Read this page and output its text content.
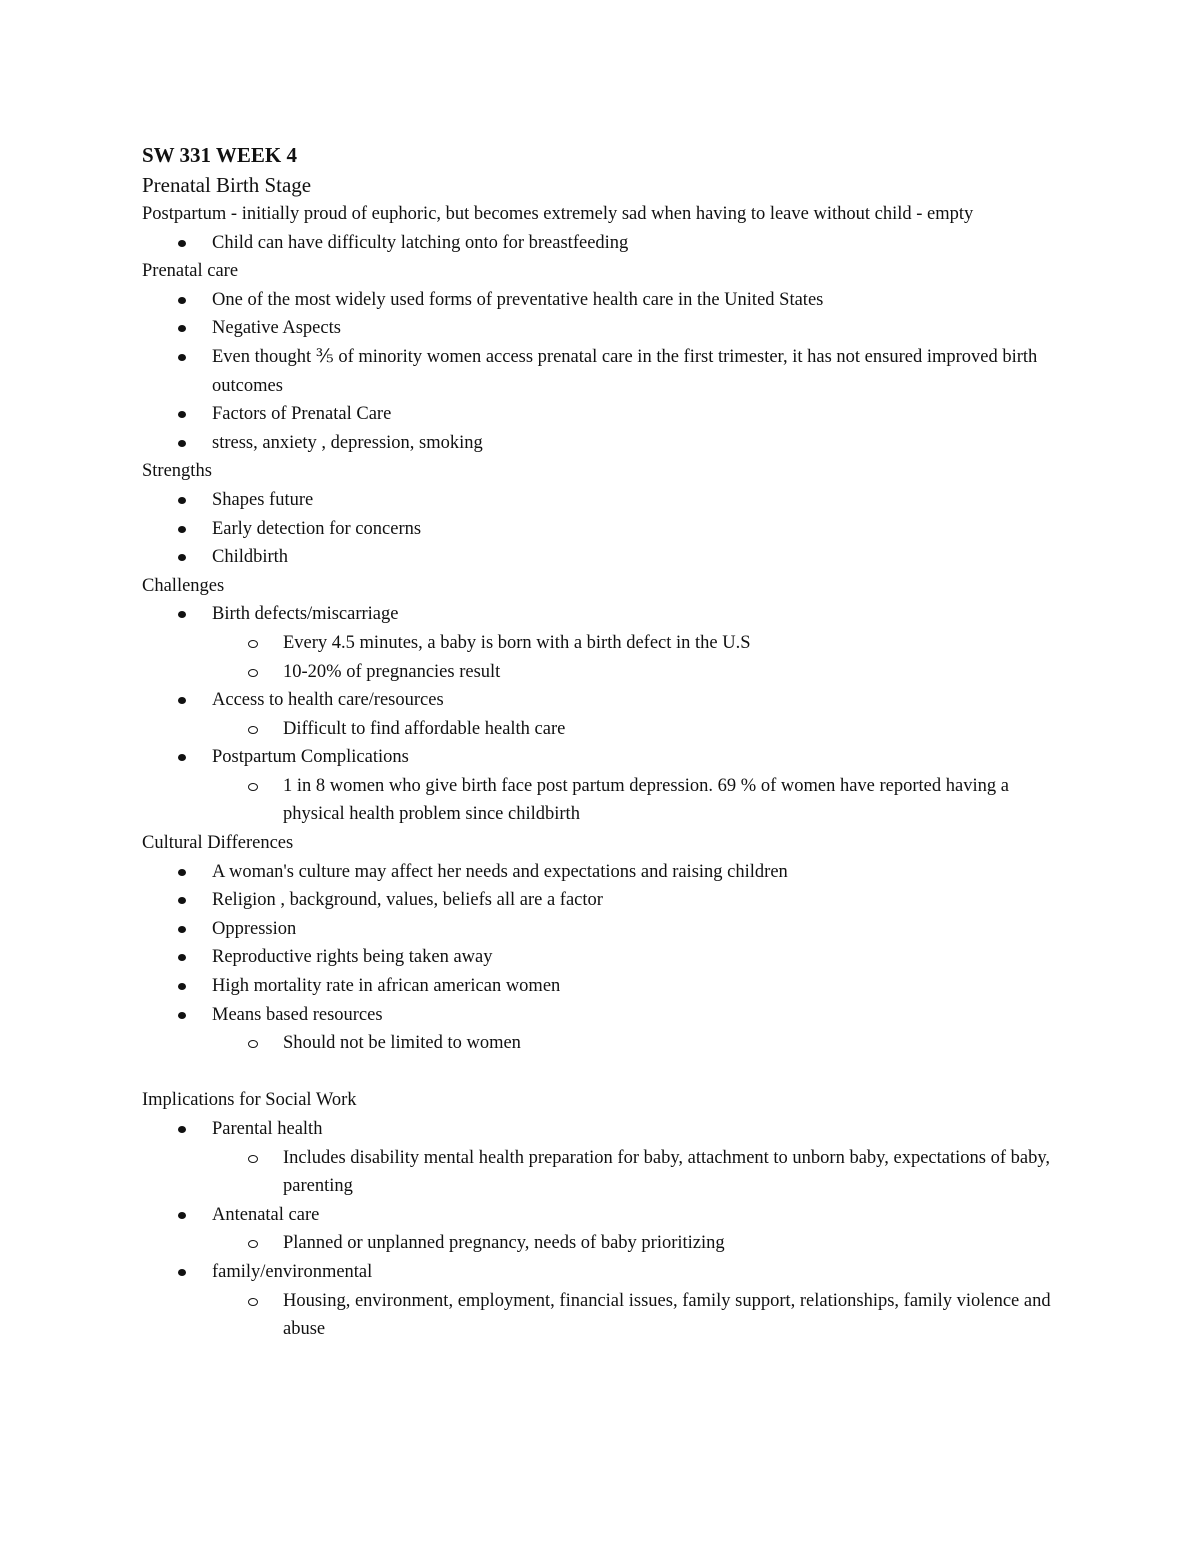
SW 331 WEEK 4

Prenatal Birth Stage

Postpartum - initially proud of euphoric, but becomes extremely sad when having to leave without child - empty

Child can have difficulty latching onto for breastfeeding

Prenatal care

One of the most widely used forms of preventative health care in the United States
Negative Aspects
Even thought ⅗ of minority women access prenatal care in the first trimester, it has not ensured improved birth outcomes
Factors of Prenatal Care
stress, anxiety , depression, smoking

Strengths

Shapes future
Early detection for concerns
Childbirth

Challenges

Birth defects/miscarriage
Every 4.5 minutes, a baby is born with a birth defect in the U.S
10-20% of pregnancies result
Access to health care/resources
Difficult to find affordable health care
Postpartum Complications
1 in 8 women who give birth face post partum depression. 69 % of women have reported having a physical health problem since childbirth

Cultural Differences

A woman's culture may affect her needs and expectations and raising children
Religion , background, values, beliefs all are a factor
Oppression
Reproductive rights being taken away
High mortality rate in african american women
Means based resources
Should not be limited to women

Implications for Social Work

Parental health
Includes disability mental health preparation for baby, attachment to unborn baby, expectations of baby, parenting
Antenatal care
Planned or unplanned pregnancy, needs of baby prioritizing
family/environmental
Housing, environment, employment, financial issues, family support, relationships, family violence and abuse
